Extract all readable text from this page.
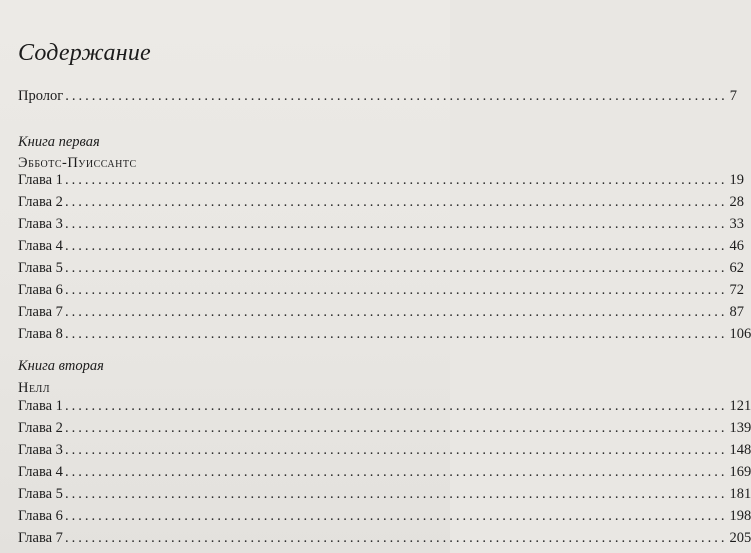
Содержание
Пролог .................................................................................................... 7
Книга первая
Эбботс-Пуиссантс
Глава 1 .................................................................................................... 19
Глава 2 .................................................................................................... 28
Глава 3 .................................................................................................... 33
Глава 4 .................................................................................................... 46
Глава 5 .................................................................................................... 62
Глава 6 .................................................................................................... 72
Глава 7 .................................................................................................... 87
Глава 8 .................................................................................................... 106
Книга вторая
Нелл
Глава 1 .................................................................................................... 121
Глава 2 .................................................................................................... 139
Глава 3 .................................................................................................... 148
Глава 4 .................................................................................................... 169
Глава 5 .................................................................................................... 181
Глава 6 .................................................................................................... 198
Глава 7 .................................................................................................... 205
